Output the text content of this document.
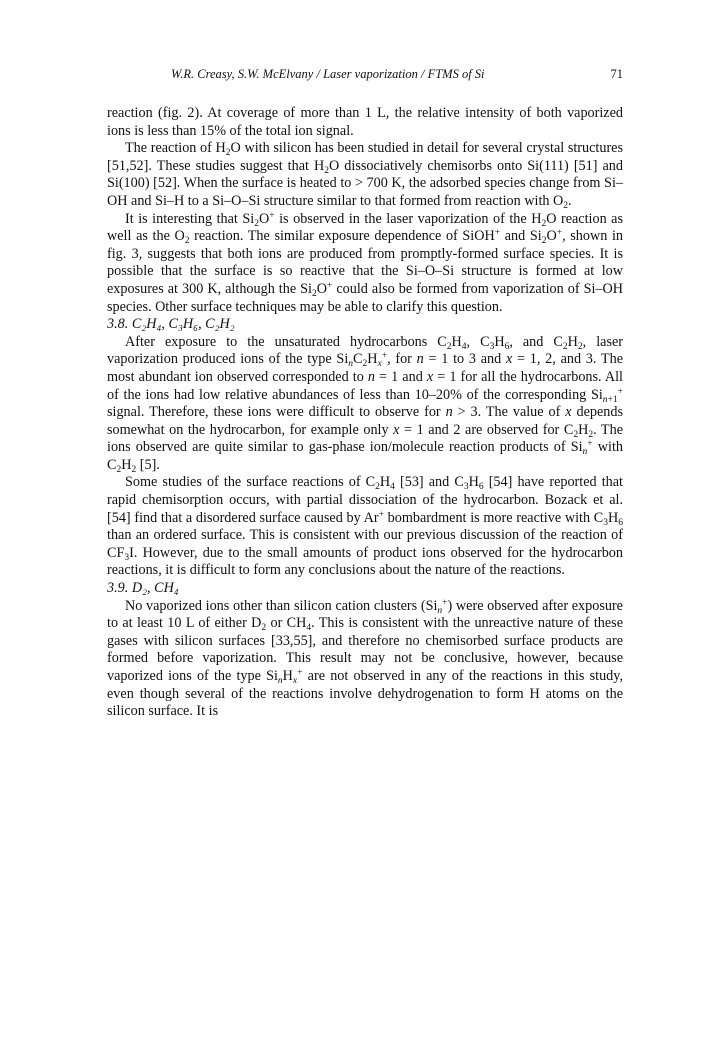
W.R. Creasy, S.W. McElvany / Laser vaporization / FTMS of Si	71

reaction (fig. 2). At coverage of more than 1 L, the relative intensity of both vaporized ions is less than 15% of the total ion signal.

The reaction of $H_2O$ with silicon has been studied in detail for several crystal structures [51,52]. These studies suggest that $H_2O$ dissociatively chemisorbs onto Si(111) [51] and Si(100) [52]. When the surface is heated to > 700 K, the adsorbed species change from Si–OH and Si–H to a Si–O–Si structure similar to that formed from reaction with $O_2$.

It is interesting that $Si_2O^+$ is observed in the laser vaporization of the $H_2O$ reaction as well as the $O_2$ reaction. The similar exposure dependence of SiOH+ and $Si_2O^+$, shown in fig. 3, suggests that both ions are produced from promptly-formed surface species. It is possible that the surface is so reactive that the Si–O–Si structure is formed at low exposures at 300 K, although the $Si_2O^+$ could also be formed from vaporization of Si–OH species. Other surface techniques may be able to clarify this question.

3.8. C₂H₄, C₃H₆, C₂H₂

After exposure to the unsaturated hydrocarbons $C_2H_4$, $C_3H_6$, and $C_2H_2$, laser vaporization produced ions of the type $Si_nC_2H_x^+$, for n = 1 to 3 and x = 1, 2, and 3. The most abundant ion observed corresponded to n = 1 and x = 1 for all the hydrocarbons. All of the ions had low relative abundances of less than 10–20% of the corresponding $Si_{n+1}^+$ signal. Therefore, these ions were difficult to observe for n > 3. The value of x depends somewhat on the hydrocarbon, for example only x = 1 and 2 are observed for $C_2H_2$. The ions observed are quite similar to gas-phase ion/molecule reaction products of $Si_n^+$ with $C_2H_2$ [5].

Some studies of the surface reactions of $C_2H_4$ [53] and $C_3H_6$ [54] have reported that rapid chemisorption occurs, with partial dissociation of the hydrocarbon. Bozack et al. [54] find that a disordered surface caused by Ar+ bombardment is more reactive with $C_3H_6$ than an ordered surface. This is consistent with our previous discussion of the reaction of $CF_3I$. However, due to the small amounts of product ions observed for the hydrocarbon reactions, it is difficult to form any conclusions about the nature of the reactions.

3.9. D₂, CH₄

No vaporized ions other than silicon cation clusters $(Si_n^+)$ were observed after exposure to at least 10 L of either $D_2$ or $CH_4$. This is consistent with the unreactive nature of these gases with silicon surfaces [33,55], and therefore no chemisorbed surface products are formed before vaporization. This result may not be conclusive, however, because vaporized ions of the type $Si_nH_x^+$ are not observed in any of the reactions in this study, even though several of the reactions involve dehydrogenation to form H atoms on the silicon surface. It is
